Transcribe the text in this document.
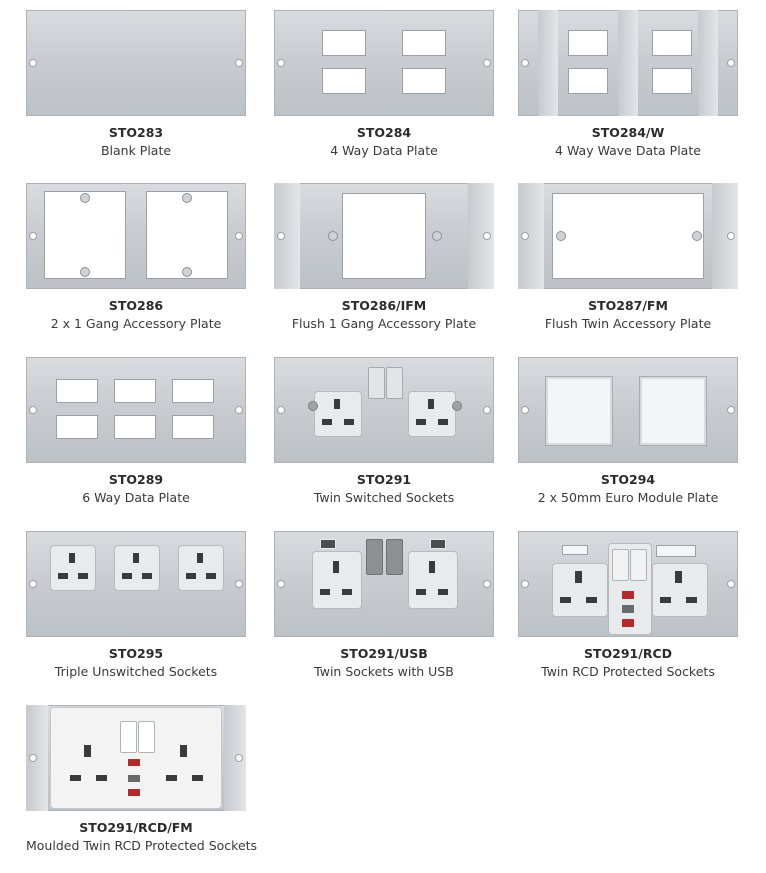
STO283
Blank Plate
STO284
4 Way Data Plate
STO284/W
4 Way Wave Data Plate
STO286
2 x 1 Gang Accessory Plate
STO286/IFM
Flush 1 Gang Accessory Plate
STO287/FM
Flush Twin Accessory Plate
STO289
6 Way Data Plate
STO291
Twin Switched Sockets
STO294
2 x 50mm Euro Module Plate
STO295
Triple Unswitched Sockets
STO291/USB
Twin Sockets with USB
STO291/RCD
Twin RCD Protected Sockets
STO291/RCD/FM
Moulded Twin RCD Protected Sockets
